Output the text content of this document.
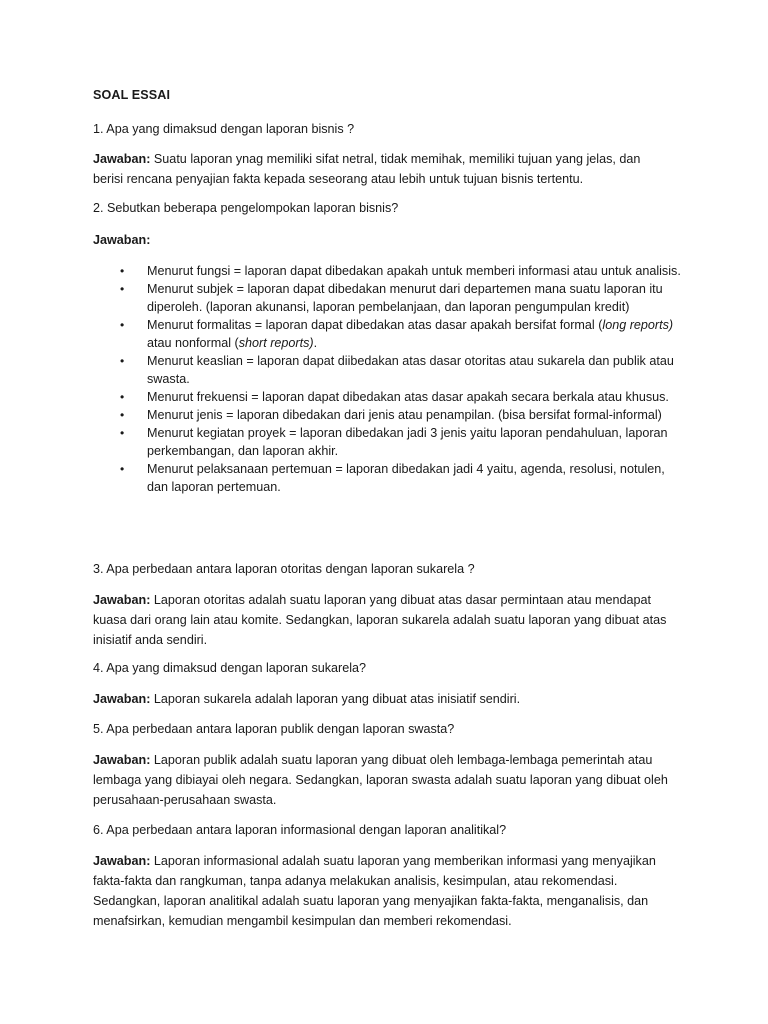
SOAL ESSAI
1. Apa yang dimaksud dengan laporan bisnis ?
Jawaban: Suatu laporan ynag memiliki sifat netral, tidak memihak, memiliki tujuan yang jelas, dan berisi rencana penyajian fakta kepada seseorang atau lebih untuk tujuan bisnis tertentu.
2. Sebutkan beberapa pengelompokan laporan bisnis?
Jawaban:
• Menurut fungsi = laporan dapat dibedakan apakah untuk memberi informasi atau untuk analisis.
• Menurut subjek = laporan dapat dibedakan menurut dari departemen mana suatu laporan itu diperoleh. (laporan akunansi, laporan pembelanjaan, dan laporan pengumpulan kredit)
• Menurut formalitas = laporan dapat dibedakan atas dasar apakah bersifat formal (long reports) atau nonformal (short reports).
• Menurut keaslian = laporan dapat diibedakan atas dasar otoritas atau sukarela dan publik atau swasta.
• Menurut frekuensi = laporan dapat dibedakan atas dasar apakah secara berkala atau khusus.
• Menurut jenis = laporan dibedakan dari jenis atau penampilan. (bisa bersifat formal-informal)
• Menurut kegiatan proyek = laporan dibedakan jadi 3 jenis yaitu laporan pendahuluan, laporan perkembangan, dan laporan akhir.
• Menurut pelaksanaan pertemuan = laporan dibedakan jadi 4 yaitu, agenda, resolusi, notulen, dan laporan pertemuan.
3. Apa perbedaan antara laporan otoritas dengan laporan sukarela ?
Jawaban: Laporan otoritas adalah suatu laporan yang dibuat atas dasar permintaan atau mendapat kuasa dari orang lain atau komite. Sedangkan, laporan sukarela adalah suatu laporan yang dibuat atas inisiatif anda sendiri.
4. Apa yang dimaksud dengan laporan sukarela?
Jawaban: Laporan sukarela adalah laporan yang dibuat atas inisiatif sendiri.
5. Apa perbedaan antara laporan publik dengan laporan swasta?
Jawaban: Laporan publik adalah suatu laporan yang dibuat oleh lembaga-lembaga pemerintah atau lembaga yang dibiayai oleh negara. Sedangkan, laporan swasta adalah suatu laporan yang dibuat oleh perusahaan-perusahaan swasta.
6. Apa perbedaan antara laporan informasional dengan laporan analitikal?
Jawaban: Laporan informasional adalah suatu laporan yang memberikan informasi yang menyajikan fakta-fakta dan rangkuman, tanpa adanya melakukan analisis, kesimpulan, atau rekomendasi. Sedangkan, laporan analitikal adalah suatu laporan yang menyajikan fakta-fakta, menganalisis, dan menafsirkan, kemudian mengambil kesimpulan dan memberi rekomendasi.
